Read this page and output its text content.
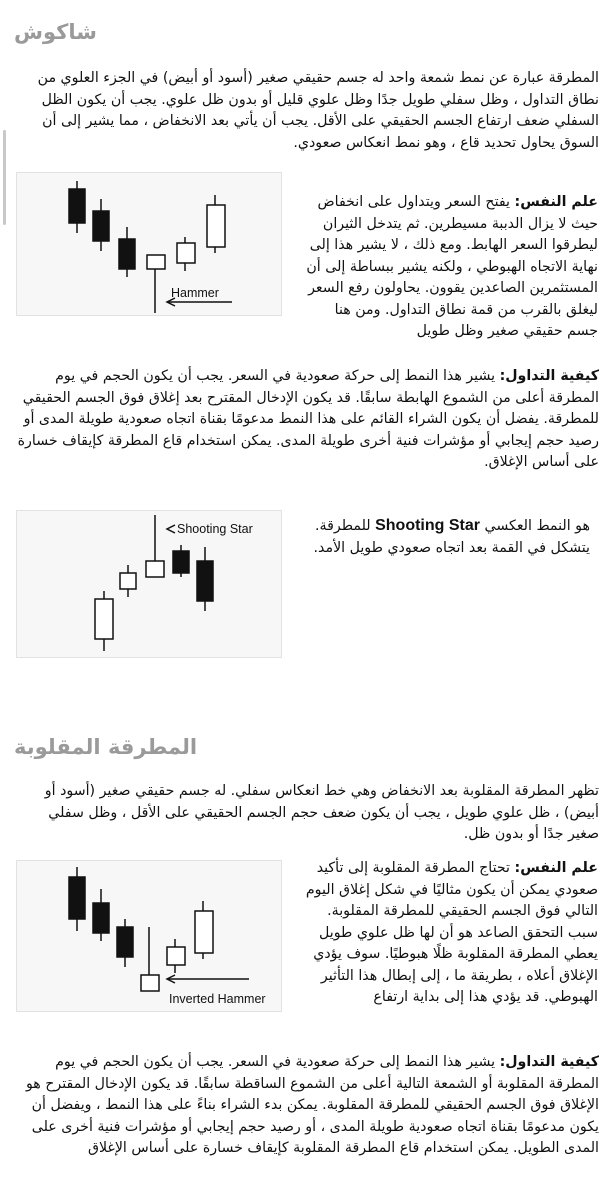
شاكوش
المطرقة عبارة عن نمط شمعة واحد له جسم حقيقي صغير (أسود أو أبيض) في الجزء العلوي من نطاق التداول ، وظل سفلي طويل جدًا وظل علوي قليل أو بدون ظل علوي. يجب أن يكون الظل السفلي ضعف ارتفاع الجسم الحقيقي على الأقل. يجب أن يأتي بعد الانخفاض ، مما يشير إلى أن السوق يحاول تحديد قاع ، وهو نمط انعكاس صعودي.
Hammer
علم النفس: يفتح السعر ويتداول على انخفاض حيث لا يزال الدببة مسيطرين. ثم يتدخل الثيران ليطرقوا السعر الهابط. ومع ذلك ، لا يشير هذا إلى نهاية الاتجاه الهبوطي ، ولكنه يشير ببساطة إلى أن المستثمرين الصاعدين يقوون. يحاولون رفع السعر ليغلق بالقرب من قمة نطاق التداول. ومن هنا جسم حقيقي صغير وظل طويل
كيفية التداول: يشير هذا النمط إلى حركة صعودية في السعر. يجب أن يكون الحجم في يوم المطرقة أعلى من الشموع الهابطة سابقًا. قد يكون الإدخال المقترح بعد إغلاق فوق الجسم الحقيقي للمطرقة. يفضل أن يكون الشراء القائم على هذا النمط مدعومًا بقناة اتجاه صعودية طويلة المدى أو رصيد حجم إيجابي أو مؤشرات فنية أخرى طويلة المدى. يمكن استخدام قاع المطرقة كإيقاف خسارة على أساس الإغلاق.
Shooting Star	هو النمط العكسي Shooting Star للمطرقة. يتشكل في القمة بعد اتجاه صعودي طويل الأمد.
المطرقة المقلوبة
تظهر المطرقة المقلوبة بعد الانخفاض وهي خط انعكاس سفلي. له جسم حقيقي صغير (أسود أو أبيض) ، ظل علوي طويل ، يجب أن يكون ضعف حجم الجسم الحقيقي على الأقل ، وظل سفلي صغير جدًا أو بدون ظل.
Inverted Hammer
علم النفس: تحتاج المطرقة المقلوبة إلى تأكيد صعودي يمكن أن يكون مثاليًا في شكل إغلاق اليوم التالي فوق الجسم الحقيقي للمطرقة المقلوبة. سبب التحقق الصاعد هو أن لها ظل علوي طويل يعطي المطرقة المقلوبة ظلًا هبوطيًا. سوف يؤدي الإغلاق أعلاه ، بطريقة ما ، إلى إبطال هذا التأثير الهبوطي. قد يؤدي هذا إلى بداية ارتفاع
كيفية التداول: يشير هذا النمط إلى حركة صعودية في السعر. يجب أن يكون الحجم في يوم المطرقة المقلوبة أو الشمعة التالية أعلى من الشموع الساقطة سابقًا. قد يكون الإدخال المقترح هو الإغلاق فوق الجسم الحقيقي للمطرقة المقلوبة. يمكن بدء الشراء بناءً على هذا النمط ، ويفضل أن يكون مدعومًا بقناة اتجاه صعودية طويلة المدى ، أو رصيد حجم إيجابي أو مؤشرات فنية أخرى على المدى الطويل. يمكن استخدام قاع المطرقة المقلوبة كإيقاف خسارة على أساس الإغلاق
